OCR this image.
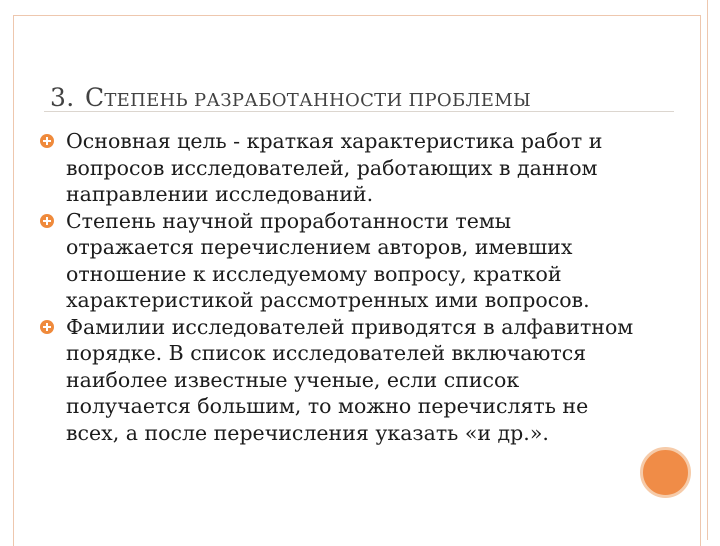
3. СТЕПЕНЬ РАЗРАБОТАННОСТИ ПРОБЛЕМЫ
Основная цель - краткая характеристика работ и вопросов исследователей, работающих в данном направлении исследований.
Степень научной проработанности темы отражается перечислением авторов, имевших отношение к исследуемому вопросу, краткой характеристикой рассмотренных ими вопросов.
Фамилии исследователей приводятся в алфавитном порядке. В список исследователей включаются наиболее известные ученые, если список получается большим, то можно перечислять не всех, а после перечисления указать «и др.».
